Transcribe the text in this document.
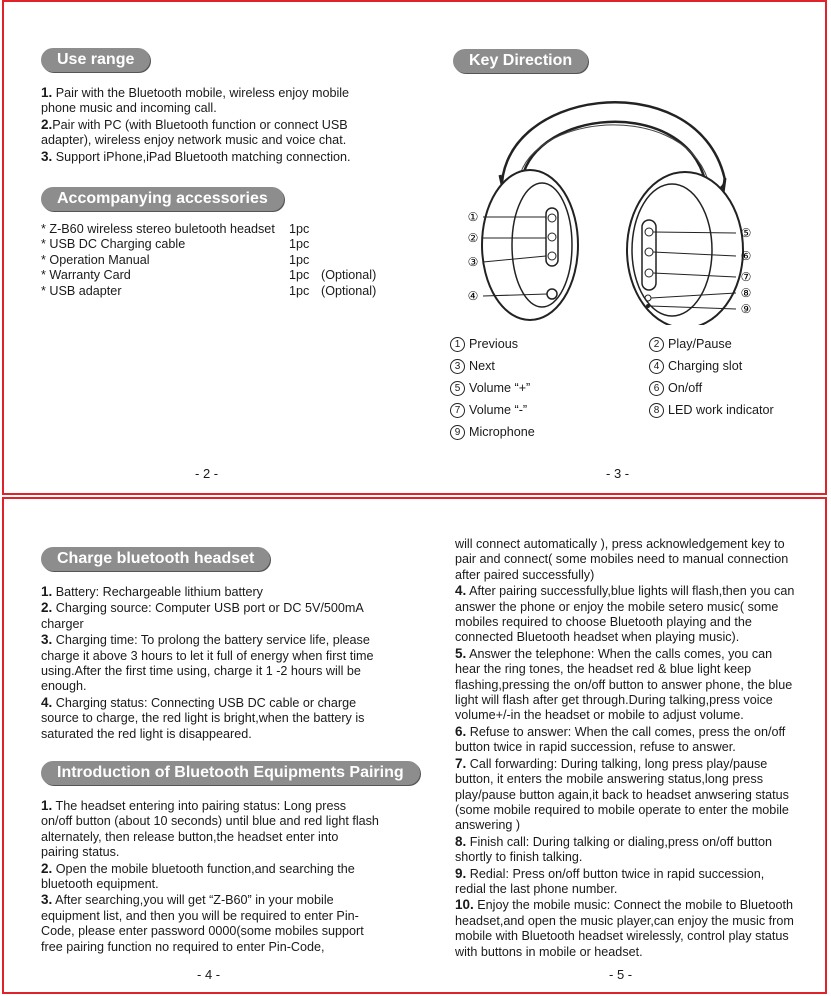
Use range

1. Pair with the Bluetooth mobile, wireless enjoy mobile phone music and incoming call.

2.Pair with PC (with Bluetooth function or connect USB adapter), wireless enjoy network music and voice chat.

3. Support iPhone,iPad Bluetooth matching connection.

Accompanying accessories
* Z-B60 wireless stereo buletooth headset	1pc
* USB DC Charging cable	1pc
* Operation Manual	1pc
* Warranty Card	1pc (Optional)
* USB adapter	1pc (Optional)
- 2 -
Key Direction
①
②
③
④
⑤
⑥
⑦
⑧
⑨
1 Previous
3 Next
5 Volume “+”
7 Volume “-”
9 Microphone
2 Play/Pause
4 Charging slot
6 On/off
8 LED work indicator
- 3 -
Charge bluetooth headset

1. Battery: Rechargeable lithium battery

2. Charging source: Computer USB port or DC 5V/500mA charger

3. Charging time: To prolong the battery service life, please charge it above 3 hours to let it full of energy when first time using.After the first time using, charge it 1 -2 hours will be enough.

4. Charging status: Connecting USB DC cable or charge source to charge, the red light is bright,when the battery is saturated the red light is disappeared.

Introduction of Bluetooth Equipments Pairing

1. The headset entering into pairing status: Long press on/off button (about 10 seconds) until blue and red light flash alternately, then release button,the headset enter into pairing status.

2. Open the mobile bluetooth function,and searching the bluetooth equipment.

3. After searching,you will get “Z-B60” in your mobile equipment list, and then you will be required to enter Pin-Code, please enter password 0000(some mobiles support free pairing function no required to enter Pin-Code,

- 4 -

will connect automatically ), press acknowledgement key to pair and connect( some mobiles need to manual connection after paired successfully)

4. After pairing successfully,blue lights will flash,then you can answer the phone or enjoy the mobile setero music( some mobiles required to choose Bluetooth playing and the connected Bluetooth headset when playing music).

5. Answer the telephone: When the calls comes, you can hear the ring tones, the headset red & blue light keep flashing,pressing the on/off button to answer phone, the blue light will flash after get through.During talking,press voice volume+/-in the headset or mobile to adjust volume.

6. Refuse to answer: When the call comes, press the on/off button twice in rapid succession, refuse to answer.

7. Call forwarding: During talking, long press play/pause button, it enters the mobile answering status,long press play/pause button again,it back to headset anwsering status (some mobile required to mobile operate to enter the mobile answering )

8. Finish call: During talking or dialing,press on/off button shortly to finish talking.

9. Redial: Press on/off button twice in rapid succession, redial the last phone number.

10. Enjoy the mobile music: Connect the mobile to Bluetooth headset,and open the music player,can enjoy the music from mobile with Bluetooth headset wirelessly, control play status with buttons in mobile or headset.

- 5 -
